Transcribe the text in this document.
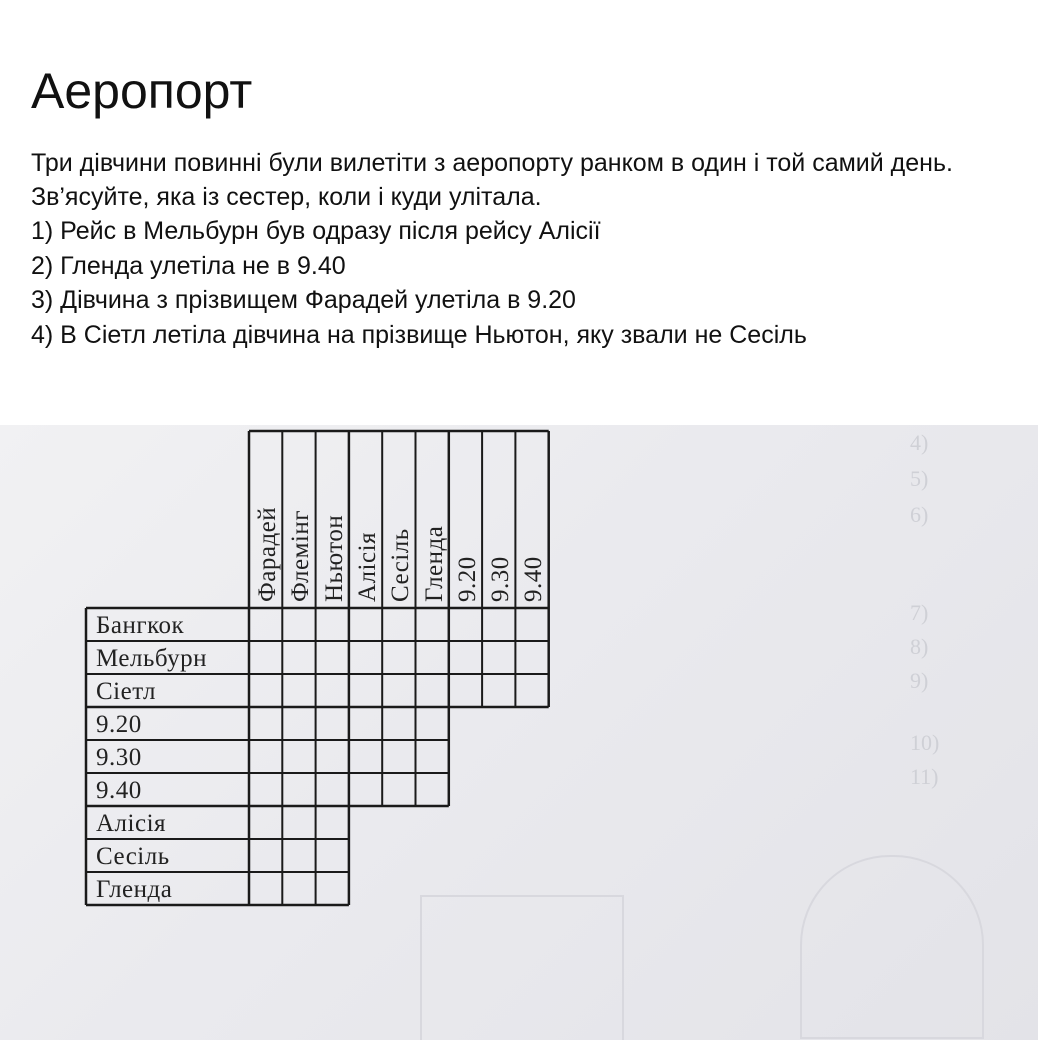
Аеропорт
Три дівчини повинні були вилетіти з аеропорту ранком в один і той самий день. Зв’ясуйте, яка із сестер, коли і куди улітала.
1) Рейс в Мельбурн був одразу після рейсу Алісії
2) Гленда улетіла не в 9.40
3) Дівчина з прізвищем Фарадей улетіла в 9.20
4) В Сіетл летіла дівчина на прізвище Ньютон, яку звали не Сесіль
4)
5)
6)
7)
8)
9)
10)
11)
Фарадей Флемінг Ньютон Алісія Сесіль Гленда 9.20 9.30 9.40
Бангкок
Мельбурн
Сіетл
9.20
9.30
9.40
Алісія
Сесіль
Гленда
